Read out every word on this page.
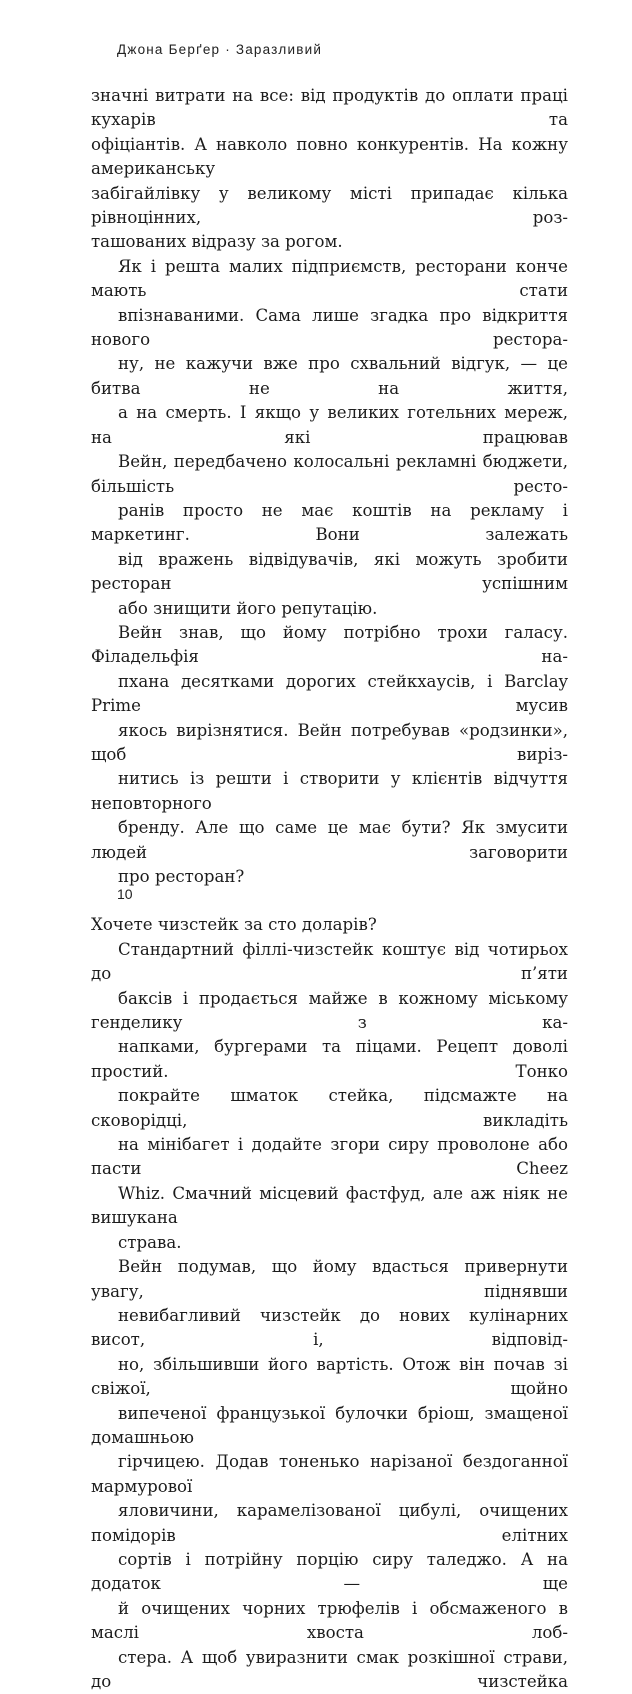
Джона Берґер · Заразливий

значні витрати на все: від продуктів до оплати праці кухарів та
офіціантів. А навколо повно конкурентів. На кожну американську
забігайлівку у великому місті припадає кілька рівноцінних, роз-
ташованих відразу за рогом.

Як і решта малих підприємств, ресторани конче мають стати
впізнаваними. Сама лише згадка про відкриття нового ресторa-
ну, не кажучи вже про схвальний відгук, — це битва не на життя,
а на смерть. І якщо у великих готельних мереж, на які працював
Вейн, передбачено колосальні рекламні бюджети, більшість ресто-
ранів просто не має коштів на рекламу і маркетинг. Вони залежать
від вражень відвідувачів, які можуть зробити ресторан успішним
або знищити його репутацію.

Вейн знав, що йому потрібно трохи галасу. Філадельфія на-
пхана десятками дорогих стейкхаусів, і Barclay Prime мусив
якось вирізнятися. Вейн потребував «родзинки», щоб виріз-
нитись із решти і створити у клієнтів відчуття неповторного
бренду. Але що саме це має бути? Як змусити людей заговорити
про ресторан?

Хочете чизстейк за сто доларів?

Стандартний філлі-чизстейк коштує від чотирьох до п’яти
баксів і продається майже в кожному міському генделику з ка-
напками, бургерами та піцами. Рецепт доволі простий. Тонко
покрайте шматок стейка, підсмажте на сковорідці, викладіть
на мінібагет і додайте згори сиру проволоне або пасти Cheez
Whiz. Смачний місцевий фастфуд, але аж ніяк не вишукана
страва.

Вейн подумав, що йому вдасться привернути увагу, піднявши
невибагливий чизстейк до нових кулінарних висот, і, відповід-
но, збільшивши його вартість. Отож він почав зі свіжої, щойно
випеченої французької булочки бріош, змащеної домашньою
гірчицею. Додав тоненько нарізаної бездоганної мармурової
яловичини, карамелізованої цибулі, очищених помідорів елітних
сортів і потрійну порцію сиру таледжо. А на додаток — ще
й очищених чорних трюфелів і обсмаженого в маслі хвоста лоб-
стера. А щоб увиразнити смак розкішної страви, до чизстейка

10
